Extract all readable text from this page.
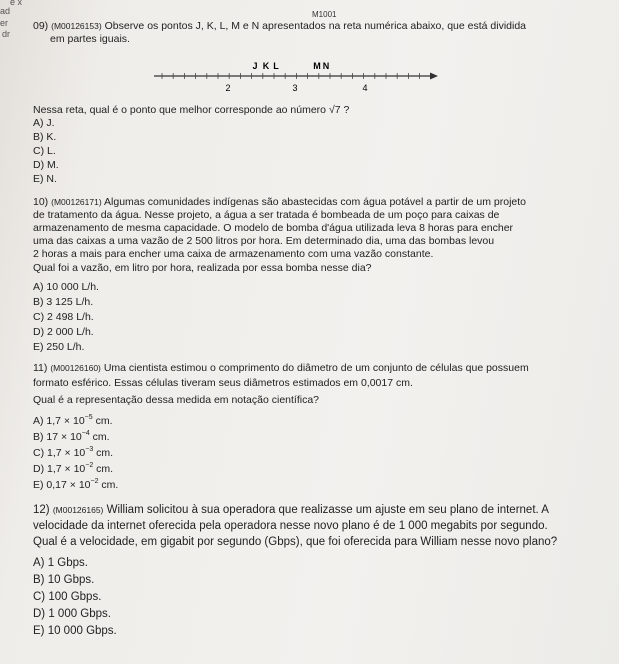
e x
ad
er
dr
M1001
09) (M00126153) Observe os pontos J, K, L, M e N apresentados na reta numérica abaixo, que está dividida
em partes iguais.
J K L	M N
2	3	4
Nessa reta, qual é o ponto que melhor corresponde ao número √7 ?
A) J.
B) K.
C) L.
D) M.
E) N.
10) (M00126171) Algumas comunidades indígenas são abastecidas com água potável a partir de um projeto
de tratamento da água. Nesse projeto, a água a ser tratada é bombeada de um poço para caixas de
armazenamento de mesma capacidade. O modelo de bomba d'água utilizada leva 8 horas para encher
uma das caixas a uma vazão de 2 500 litros por hora. Em determinado dia, uma das bombas levou
2 horas a mais para encher uma caixa de armazenamento com uma vazão constante.
Qual foi a vazão, em litro por hora, realizada por essa bomba nesse dia?
A) 10 000 L/h.
B) 3 125 L/h.
C) 2 498 L/h.
D) 2 000 L/h.
E) 250 L/h.
11) (M00126160) Uma cientista estimou o comprimento do diâmetro de um conjunto de células que possuem
formato esférico. Essas células tiveram seus diâmetros estimados em 0,0017 cm.
Qual é a representação dessa medida em notação científica?
A) $1,7 \times 10^{-5}$ cm.
B) $17 \times 10^{-4}$ cm.
C) $1,7 \times 10^{-3}$ cm.
D) $1,7 \times 10^{-2}$ cm.
E) $0,17 \times 10^{-2}$ cm.
12) (M00126165) William solicitou à sua operadora que realizasse um ajuste em seu plano de internet. A
velocidade da internet oferecida pela operadora nesse novo plano é de 1 000 megabits por segundo.
Qual é a velocidade, em gigabit por segundo (Gbps), que foi oferecida para William nesse novo plano?
A) 1 Gbps.
B) 10 Gbps.
C) 100 Gbps.
D) 1 000 Gbps.
E) 10 000 Gbps.
